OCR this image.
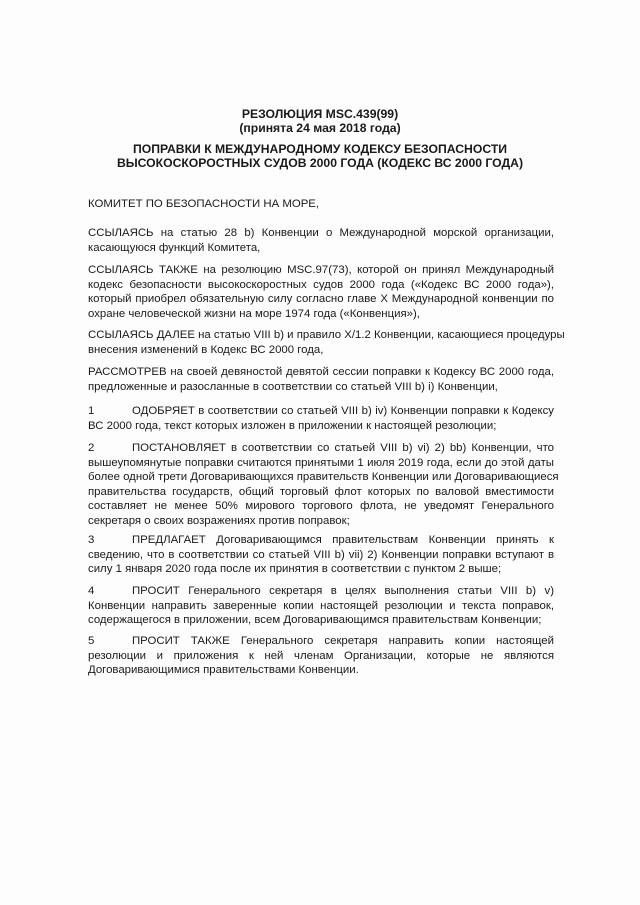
РЕЗОЛЮЦИЯ MSC.439(99)
(принята 24 мая 2018 года)
ПОПРАВКИ К МЕЖДУНАРОДНОМУ КОДЕКСУ БЕЗОПАСНОСТИ
ВЫСОКОСКОРОСТНЫХ СУДОВ 2000 ГОДА (КОДЕКС ВС 2000 ГОДА)
КОМИТЕТ ПО БЕЗОПАСНОСТИ НА МОРЕ,
ССЫЛАЯСЬ на статью 28 b) Конвенции о Международной морской организации,
касающуюся функций Комитета,
ССЫЛАЯСЬ ТАКЖЕ на резолюцию MSC.97(73), которой он принял Международный
кодекс безопасности высокоскоростных судов 2000 года («Кодекс ВС 2000 года»),
который приобрел обязательную силу согласно главе X Международной конвенции по
охране человеческой жизни на море 1974 года («Конвенция»),
ССЫЛАЯСЬ ДАЛЕЕ на статью VIII b) и правило X/1.2 Конвенции, касающиеся процедуры
внесения изменений в Кодекс ВС 2000 года,
РАССМОТРЕВ на своей девяностой девятой сессии поправки к Кодексу ВС 2000 года,
предложенные и разосланные в соответствии со статьей VIII b) i) Конвенции,
1	ОДОБРЯЕТ в соответствии со статьей VIII b) iv) Конвенции поправки к Кодексу
ВС 2000 года, текст которых изложен в приложении к настоящей резолюции;
2	ПОСТАНОВЛЯЕТ в соответствии со статьей VIII b) vi) 2) bb) Конвенции, что
вышеупомянутые поправки считаются принятыми 1 июля 2019 года, если до этой даты
более одной трети Договаривающихся правительств Конвенции или Договаривающиеся
правительства государств, общий торговый флот которых по валовой вместимости
составляет не менее 50% мирового торгового флота, не уведомят Генерального
секретаря о своих возражениях против поправок;
3	ПРЕДЛАГАЕТ Договаривающимся правительствам Конвенции принять к
сведению, что в соответствии со статьей VIII b) vii) 2) Конвенции поправки вступают в
силу 1 января 2020 года после их принятия в соответствии с пунктом 2 выше;
4	ПРОСИТ Генерального секретаря в целях выполнения статьи VIII b) v)
Конвенции направить заверенные копии настоящей резолюции и текста поправок,
содержащегося в приложении, всем Договаривающимся правительствам Конвенции;
5	ПРОСИТ ТАКЖЕ Генерального секретаря направить копии настоящей
резолюции и приложения к ней членам Организации, которые не являются
Договаривающимися правительствами Конвенции.
